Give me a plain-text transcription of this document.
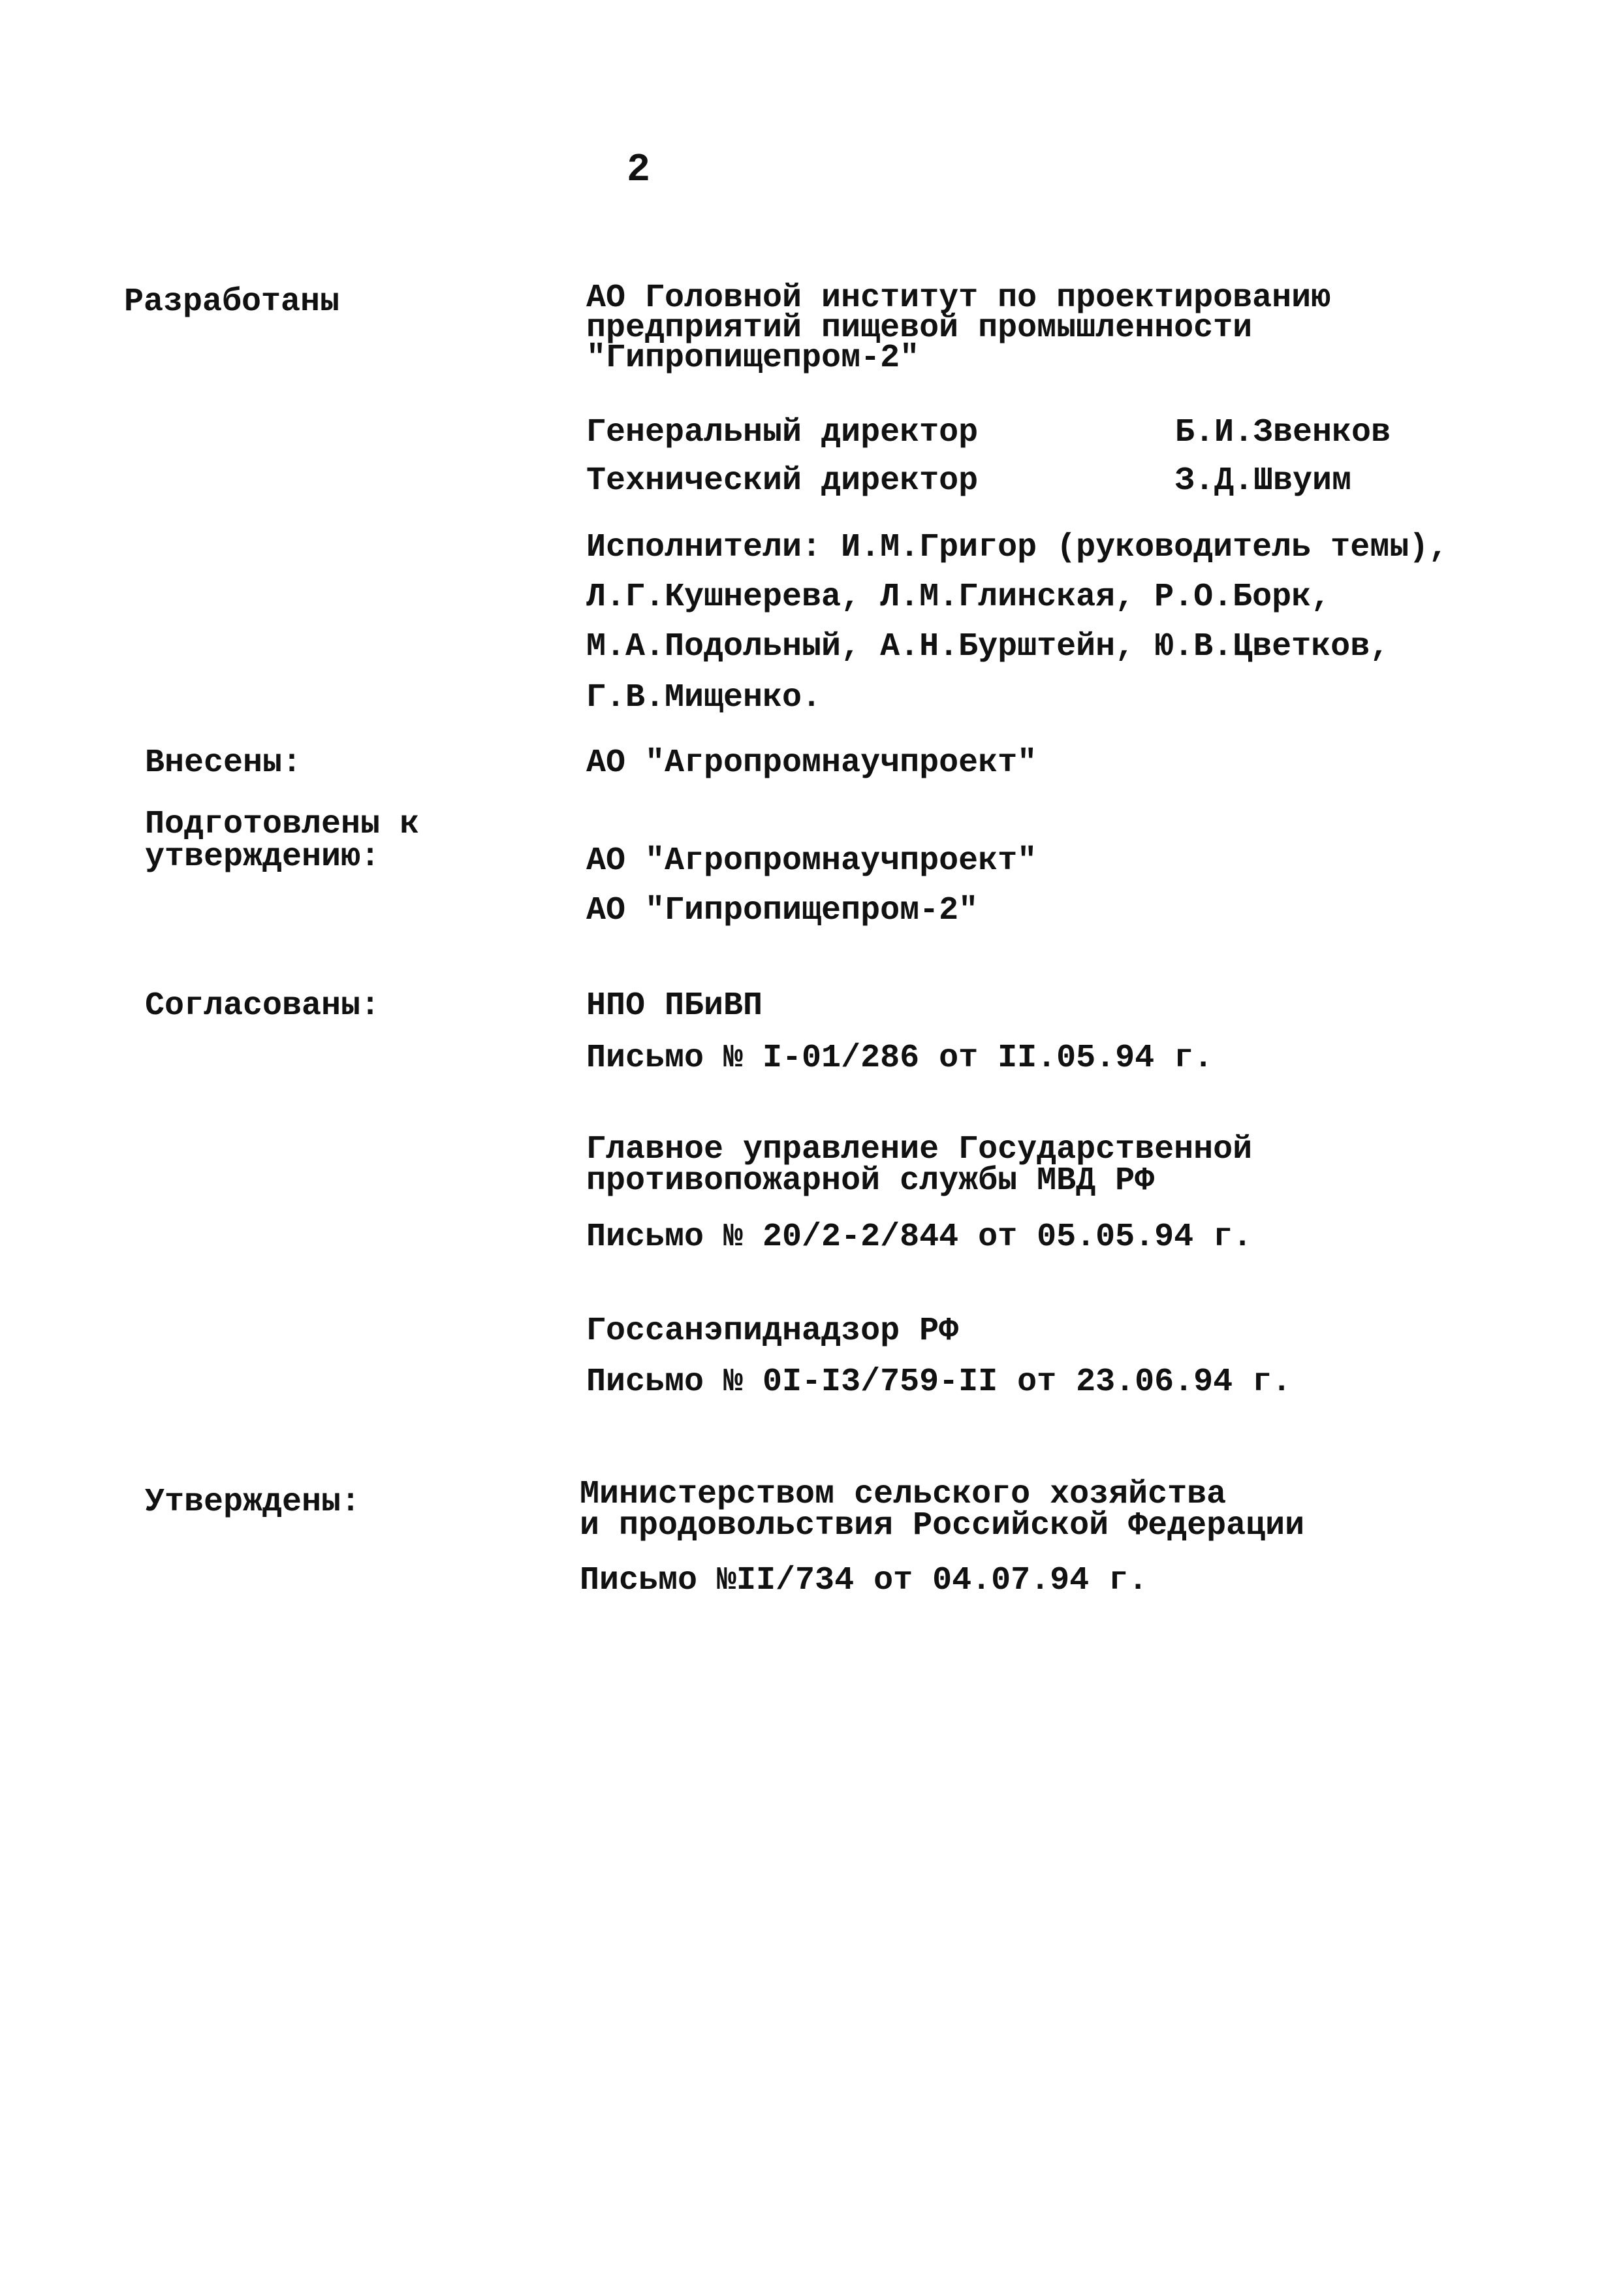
2
Разработаны	АО Головной институт по проектированию
предприятий пищевой промышленности
"Гипропищепром-2"
Генеральный директор	Б.И.Звенков
Технический директор	З.Д.Швуим
Исполнители: И.М.Григор (руководитель темы),
Л.Г.Кушнерева, Л.М.Глинская, Р.О.Борк,
М.А.Подольный, А.Н.Бурштейн, Ю.В.Цветков,
Г.В.Мищенко.
Внесены:	АО "Агропромнаучпроект"
Подготовлены к
утверждению:	АО "Агропромнаучпроект"
АО "Гипропищепром-2"
Согласованы:	НПО ПБиВП
Письмо № I-01/286 от II.05.94 г.
Главное управление Государственной
противопожарной службы МВД РФ
Письмо № 20/2-2/844 от 05.05.94 г.
Госсанэпиднадзор РФ
Письмо № 0I-I3/759-II от 23.06.94 г.
Утверждены:	Министерством сельского хозяйства
и продовольствия Российской Федерации
Письмо №II/734 от 04.07.94 г.
